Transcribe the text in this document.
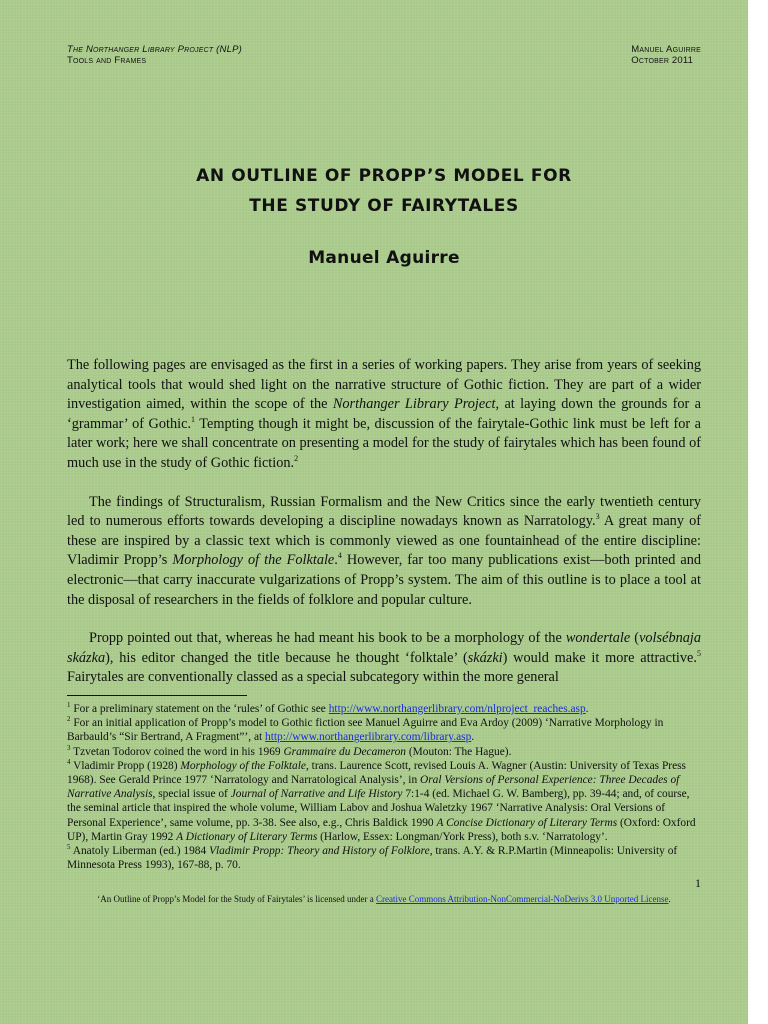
The Northanger Library Project (NLP)
Tools and Frames
Manuel Aguirre
October 2011
AN OUTLINE OF PROPP’S MODEL FOR
THE STUDY OF FAIRYTALES
Manuel Aguirre

The following pages are envisaged as the first in a series of working papers. They arise from years of seeking analytical tools that would shed light on the narrative structure of Gothic fiction. They are part of a wider investigation aimed, within the scope of the Northanger Library Project, at laying down the grounds for a ‘grammar’ of Gothic.$^1$ Tempting though it might be, discussion of the fairytale-Gothic link must be left for a later work; here we shall concentrate on presenting a model for the study of fairytales which has been found of much use in the study of Gothic fiction.$^2$

The findings of Structuralism, Russian Formalism and the New Critics since the early twentieth century led to numerous efforts towards developing a discipline nowadays known as Narratology.$^3$ A great many of these are inspired by a classic text which is commonly viewed as one fountainhead of the entire discipline: Vladimir Propp’s Morphology of the Folktale.$^4$ However, far too many publications exist—both printed and electronic—that carry inaccurate vulgarizations of Propp’s system. The aim of this outline is to place a tool at the disposal of researchers in the fields of folklore and popular culture.

Propp pointed out that, whereas he had meant his book to be a morphology of the wondertale (volsébnaja skázka), his editor changed the title because he thought ‘folktale’ (skázki) would make it more attractive.$^5$ Fairytales are conventionally classed as a special subcategory within the more general

$^1$ For a preliminary statement on the ‘rules’ of Gothic see http://www.northangerlibrary.com/nlproject_reaches.asp.

$^2$ For an initial application of Propp’s model to Gothic fiction see Manuel Aguirre and Eva Ardoy (2009) ‘Narrative Morphology in Barbauld’s “Sir Bertrand, A Fragment”’, at http://www.northangerlibrary.com/library.asp.

$^3$ Tzvetan Todorov coined the word in his 1969 Grammaire du Decameron (Mouton: The Hague).

$^4$ Vladimir Propp (1928) Morphology of the Folktale, trans. Laurence Scott, revised Louis A. Wagner (Austin: University of Texas Press 1968). See Gerald Prince 1977 ‘Narratology and Narratological Analysis’, in Oral Versions of Personal Experience: Three Decades of Narrative Analysis, special issue of Journal of Narrative and Life History 7:1-4 (ed. Michael G. W. Bamberg), pp. 39-44; and, of course, the seminal article that inspired the whole volume, William Labov and Joshua Waletzky 1967 ‘Narrative Analysis: Oral Versions of Personal Experience’, same volume, pp. 3-38. See also, e.g., Chris Baldick 1990 A Concise Dictionary of Literary Terms (Oxford: Oxford UP), Martin Gray 1992 A Dictionary of Literary Terms (Harlow, Essex: Longman/York Press), both s.v. ‘Narratology’.

$^5$ Anatoly Liberman (ed.) 1984 Vladimir Propp: Theory and History of Folklore, trans. A.Y. & R.P.Martin (Minneapolis: University of Minnesota Press 1993), 167-88, p. 70.

1
‘An Outline of Propp’s Model for the Study of Fairytales’ is licensed under a Creative Commons Attribution-NonCommercial-NoDerivs 3.0 Unported License.
